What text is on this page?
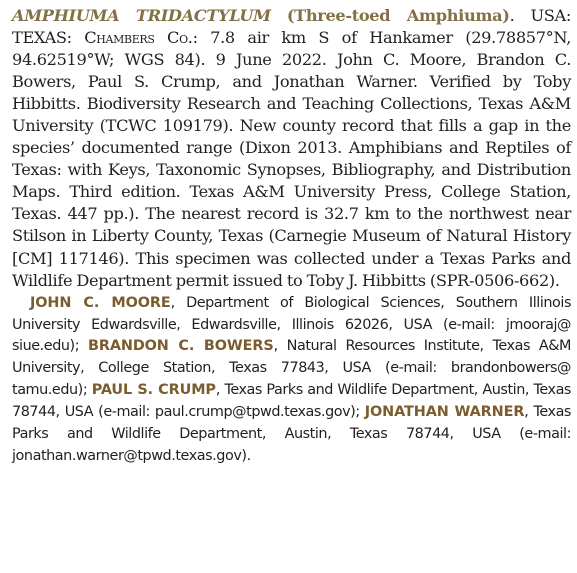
AMPHIUMA TRIDACTYLUM (Three-toed Amphiuma). USA: TEXAS: Chambers Co.: 7.8 air km S of Hankamer (29.78857°N, 94.62519°W; WGS 84). 9 June 2022. John C. Moore, Brandon C. Bowers, Paul S. Crump, and Jonathan Warner. Verified by Toby Hibbitts. Biodiversity Research and Teaching Collections, Texas A&M University (TCWC 109179). New county record that fills a gap in the species’ documented range (Dixon 2013. Amphibians and Reptiles of Texas: with Keys, Taxonomic Synopses, Bibliography, and Distribution Maps. Third edition. Texas A&M University Press, College Station, Texas. 447 pp.). The nearest record is 32.7 km to the northwest near Stilson in Liberty County, Texas (Carnegie Museum of Natural History [CM] 117146). This specimen was collected under a Texas Parks and Wildlife Department permit issued to Toby J. Hibbitts (SPR-0506-662).

JOHN C. MOORE, Department of Biological Sciences, Southern Illinois University Edwardsville, Edwardsville, Illinois 62026, USA (e-mail: jmooraj@​siue.edu); BRANDON C. BOWERS, Natural Resources Institute, Texas A&M University, College Station, Texas 77843, USA (e-mail: brandonbowers@​tamu.edu); PAUL S. CRUMP, Texas Parks and Wildlife Department, Austin, Texas 78744, USA (e-mail: paul.crump@tpwd.texas.gov); JONATHAN WARNER, Texas Parks and Wildlife Department, Austin, Texas 78744, USA (e-mail: jonathan.warner@tpwd.texas.gov).
